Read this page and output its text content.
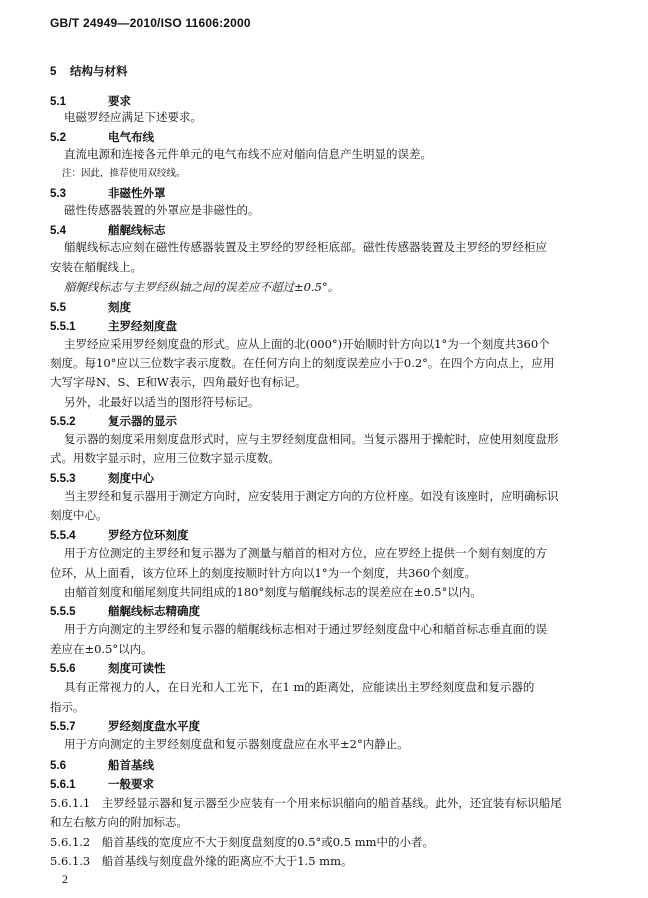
GB/T 24949—2010/ISO 11606:2000
5 结构与材料
5.1	要求
电磁罗经应满足下述要求。
5.2	电气布线
直流电源和连接各元件单元的电气布线不应对艏向信息产生明显的误差。
注：因此，推荐使用双绞线。
5.3	非磁性外罩
磁性传感器装置的外罩应是非磁性的。
5.4	艏艉线标志
艏艉线标志应刻在磁性传感器装置及主罗经的罗经柜底部。磁性传感器装置及主罗经的罗经柜应
安装在艏艉线上。
艏艉线标志与主罗经纵轴之间的误差应不超过±0.5°。
5.5	刻度
5.5.1	主罗经刻度盘
主罗经应采用罗经刻度盘的形式。应从上面的北(000°)开始顺时针方向以1°为一个刻度共360个
刻度。每10°应以三位数字表示度数。在任何方向上的刻度误差应小于0.2°。在四个方向点上，应用
大写字母N、S、E和W表示，四角最好也有标记。
另外，北最好以适当的图形符号标记。
5.5.2	复示器的显示
复示器的刻度采用刻度盘形式时，应与主罗经刻度盘相同。当复示器用于操舵时，应使用刻度盘形
式。用数字显示时，应用三位数字显示度数。
5.5.3	刻度中心
当主罗经和复示器用于测定方向时，应安装用于测定方向的方位杆座。如没有该座时，应明确标识
刻度中心。
5.5.4	罗经方位环刻度
用于方位测定的主罗经和复示器为了测量与艏首的相对方位，应在罗经上提供一个刻有刻度的方
位环，从上面看，该方位环上的刻度按顺时针方向以1°为一个刻度，共360个刻度。
由艏首刻度和艏尾刻度共同组成的180°刻度与艏艉线标志的误差应在±0.5°以内。
5.5.5	艏艉线标志精确度
用于方向测定的主罗经和复示器的艏艉线标志相对于通过罗经刻度盘中心和艏首标志垂直面的误
差应在±0.5°以内。
5.5.6	刻度可读性
具有正常视力的人，在日光和人工光下，在1 m的距离处，应能读出主罗经刻度盘和复示器的
指示。
5.5.7	罗经刻度盘水平度
用于方向测定的主罗经刻度盘和复示器刻度盘应在水平±2°内静止。
5.6	船首基线
5.6.1	一般要求
5.6.1.1　主罗经显示器和复示器至少应装有一个用来标识艏向的船首基线。此外，还宜装有标识船尾
和左右舷方向的附加标志。
5.6.1.2　船首基线的宽度应不大于刻度盘刻度的0.5°或0.5 mm中的小者。
5.6.1.3　船首基线与刻度盘外缘的距离应不大于1.5 mm。
2
